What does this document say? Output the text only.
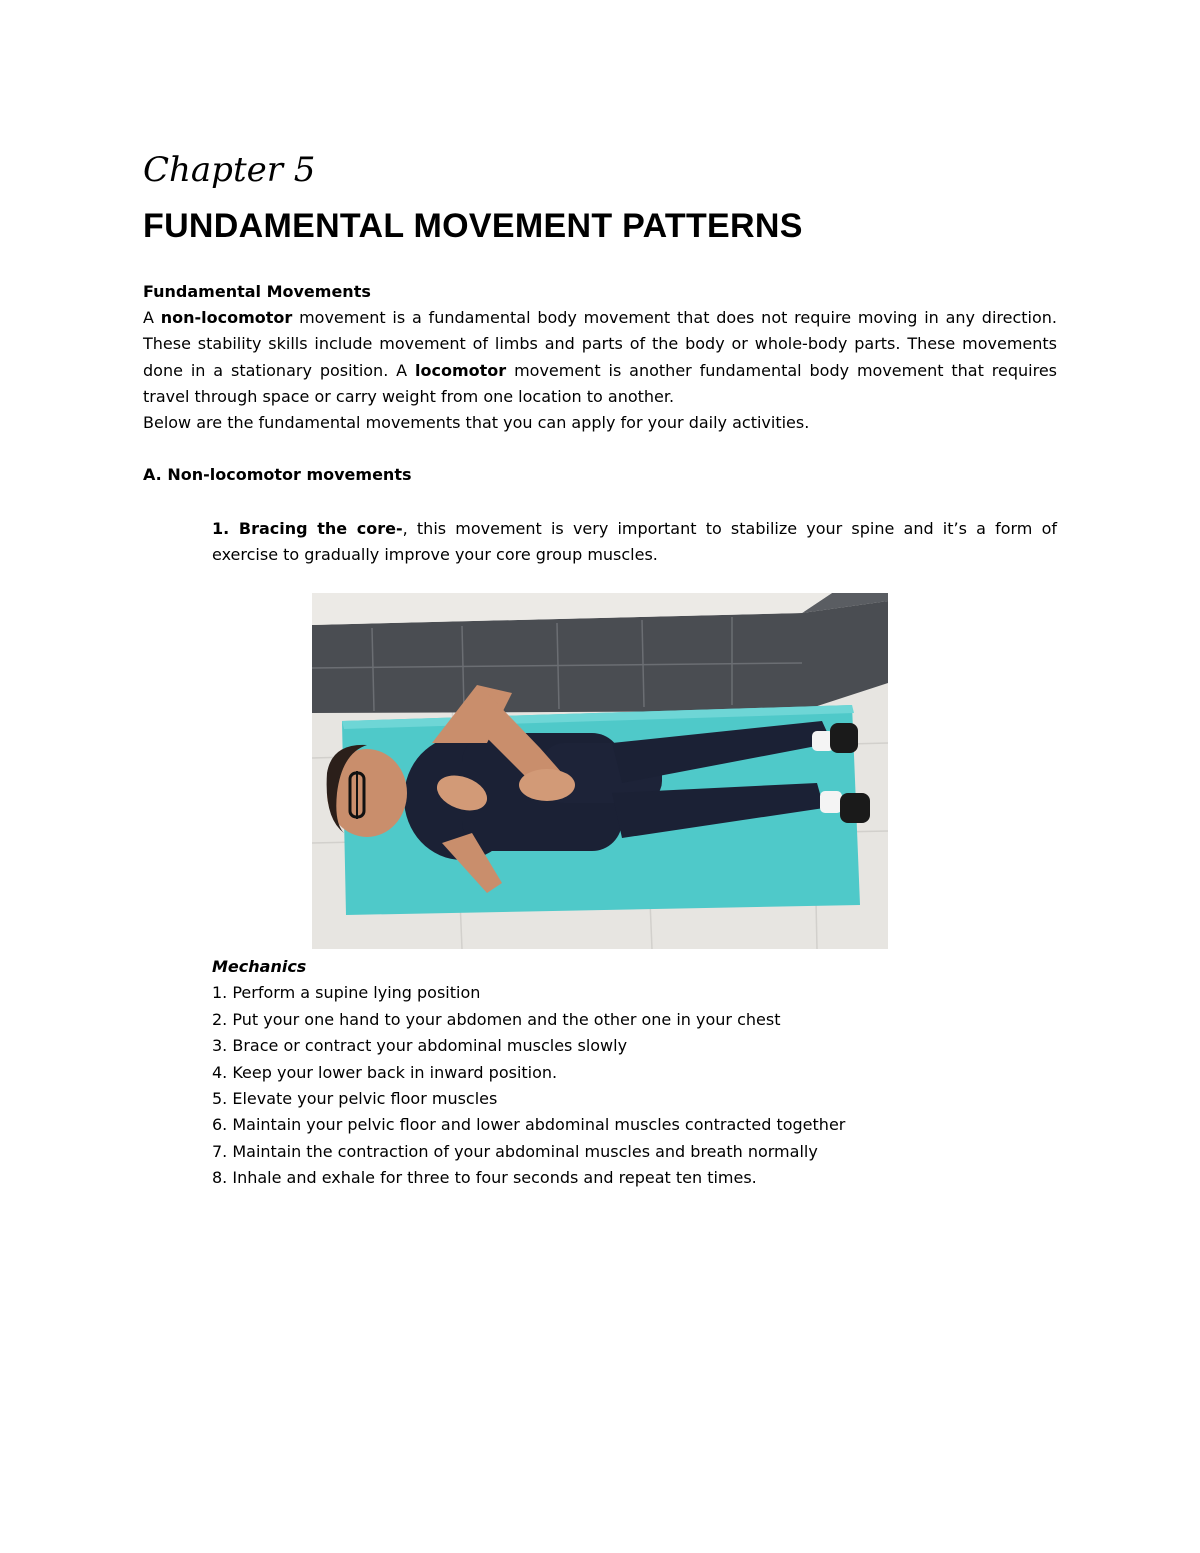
Chapter 5
FUNDAMENTAL MOVEMENT PATTERNS

Fundamental Movements

A non-locomotor movement is a fundamental body movement that does not require moving in any direction. These stability skills include movement of limbs and parts of the body or whole-body parts. These movements done in a stationary position. A locomotor movement is another fundamental body movement that requires travel through space or carry weight from one location to another.

Below are the fundamental movements that you can apply for your daily activities.

A. Non-locomotor movements

1. Bracing the core-, this movement is very important to stabilize your spine and it’s a form of exercise to gradually improve your core group muscles.

Mechanics

1. Perform a supine lying position
2. Put your one hand to your abdomen and the other one in your chest
3. Brace or contract your abdominal muscles slowly
4. Keep your lower back in inward position.
5. Elevate your pelvic floor muscles
6. Maintain your pelvic floor and lower abdominal muscles contracted together
7. Maintain the contraction of your abdominal muscles and breath normally
8. Inhale and exhale for three to four seconds and repeat ten times.
